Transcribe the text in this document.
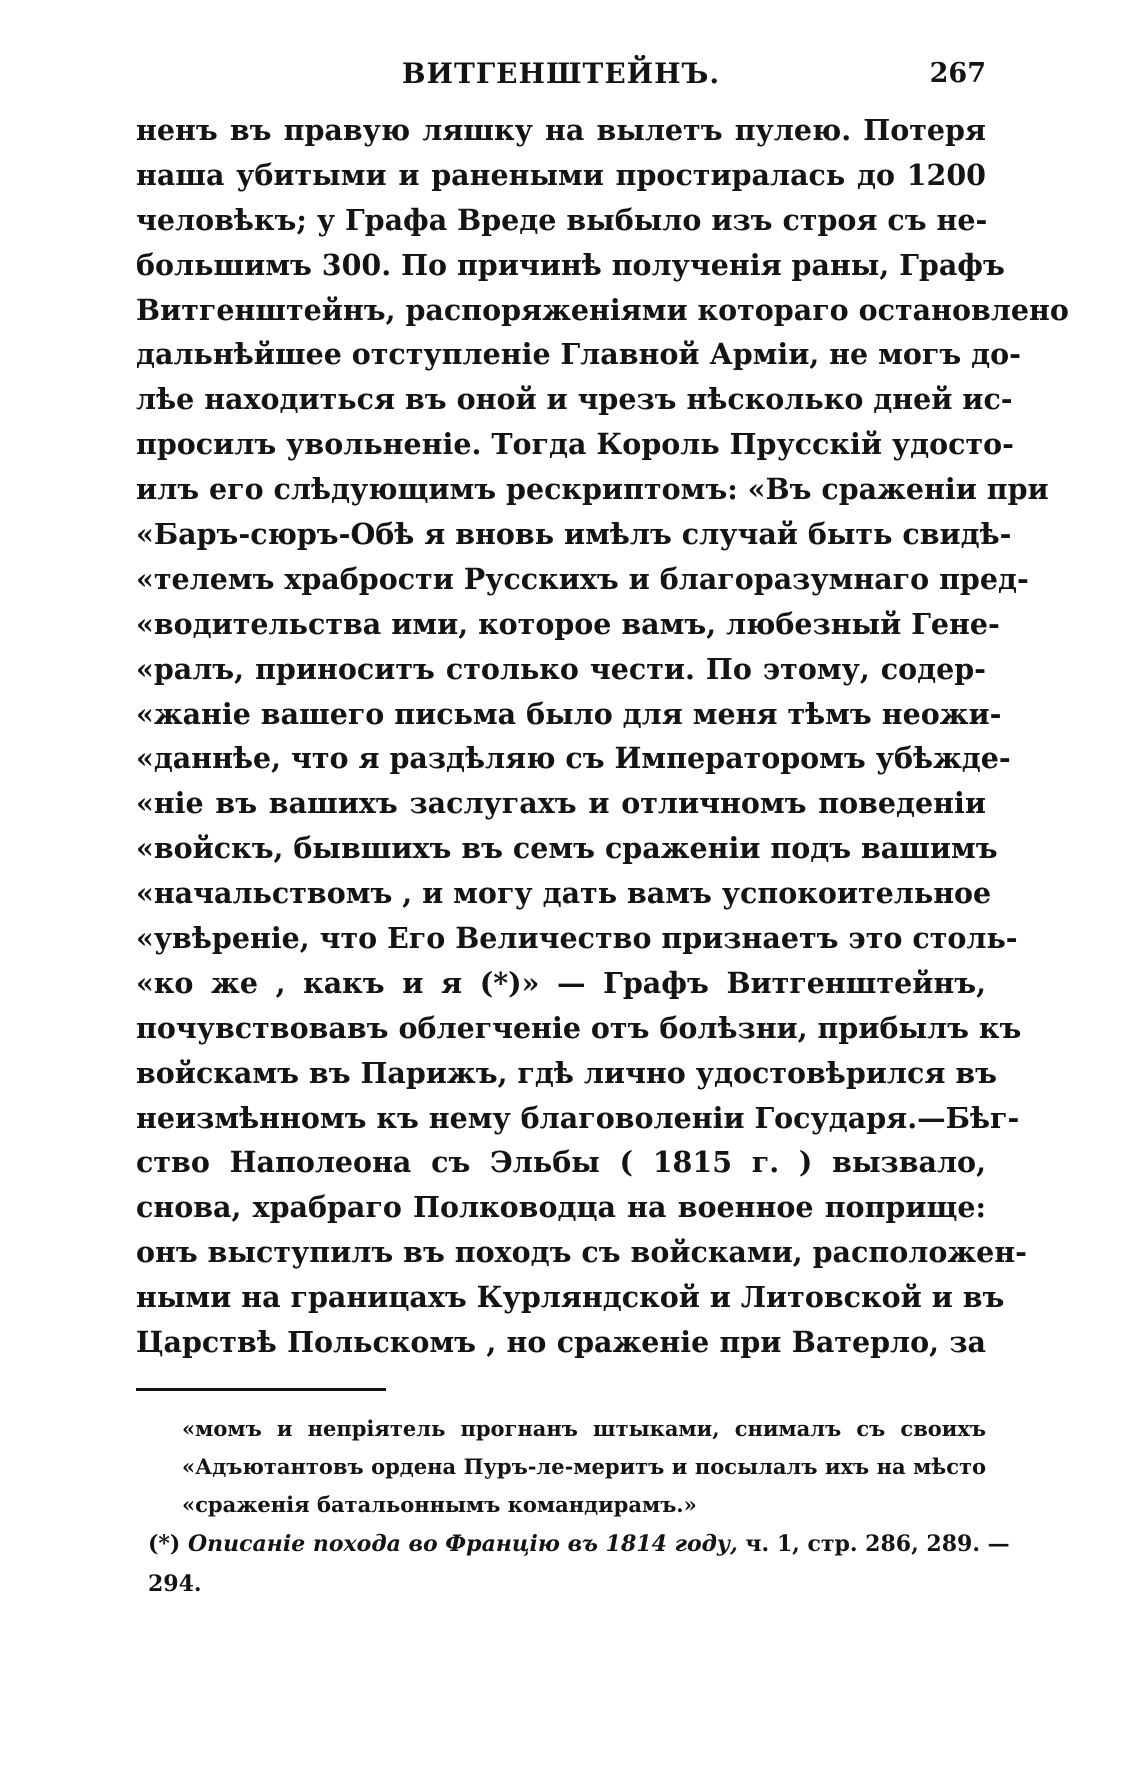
ВИТГЕНШТЕЙНЪ.	267
ненъ въ правую ляшку на вылетъ пулею. Потеря
наша убитыми и ранеными простиралась до 1200
человѣкъ; у Графа Вреде выбыло изъ строя съ не-
большимъ 300. По причинѣ полученія раны, Графъ
Витгенштейнъ, распоряженіями котораго остановлено
дальнѣйшее отступленіе Главной Арміи, не могъ до-
лѣе находиться въ оной и чрезъ нѣсколько дней ис-
просилъ увольненіе. Тогда Король Прусскій удосто-
илъ его слѣдующимъ рескриптомъ: «Въ сраженіи при
«Баръ-сюръ-Обѣ я вновь имѣлъ случай быть свидѣ-
«телемъ храбрости Русскихъ и благоразумнаго пред-
«водительства ими, которое вамъ, любезный Гене-
«ралъ, приноситъ столько чести. По этому, содер-
«жаніе вашего письма было для меня тѣмъ неожи-
«даннѣе, что я раздѣляю съ Императоромъ убѣжде-
«ніе въ вашихъ заслугахъ и отличномъ поведеніи
«войскъ, бывшихъ въ семъ сраженіи подъ вашимъ
«начальствомъ , и могу дать вамъ успокоительное
«увѣреніе, что Его Величество признаетъ это столь-
«ко же , какъ и я (*)» — Графъ Витгенштейнъ,
почувствовавъ облегченіе отъ болѣзни, прибылъ къ
войскамъ въ Парижъ, гдѣ лично удостовѣрился въ
неизмѣнномъ къ нему благоволеніи Государя.—Бѣг-
ство Наполеона съ Эльбы ( 1815 г. ) вызвало,
снова, храбраго Полководца на военное поприще:
онъ выступилъ въ походъ съ войсками, расположен-
ными на границахъ Курляндской и Литовской и въ
Царствѣ Польскомъ , но сраженіе при Ватерло, за
«момъ и непріятель прогнанъ штыками, снималъ съ своихъ
«Адъютантовъ ордена Пуръ-ле-меритъ и посылалъ ихъ на мѣсто
«сраженія батальоннымъ командирамъ.»
(*) Описаніе похода во Францію въ 1814 году, ч. 1, стр. 286, 289. —
294.
